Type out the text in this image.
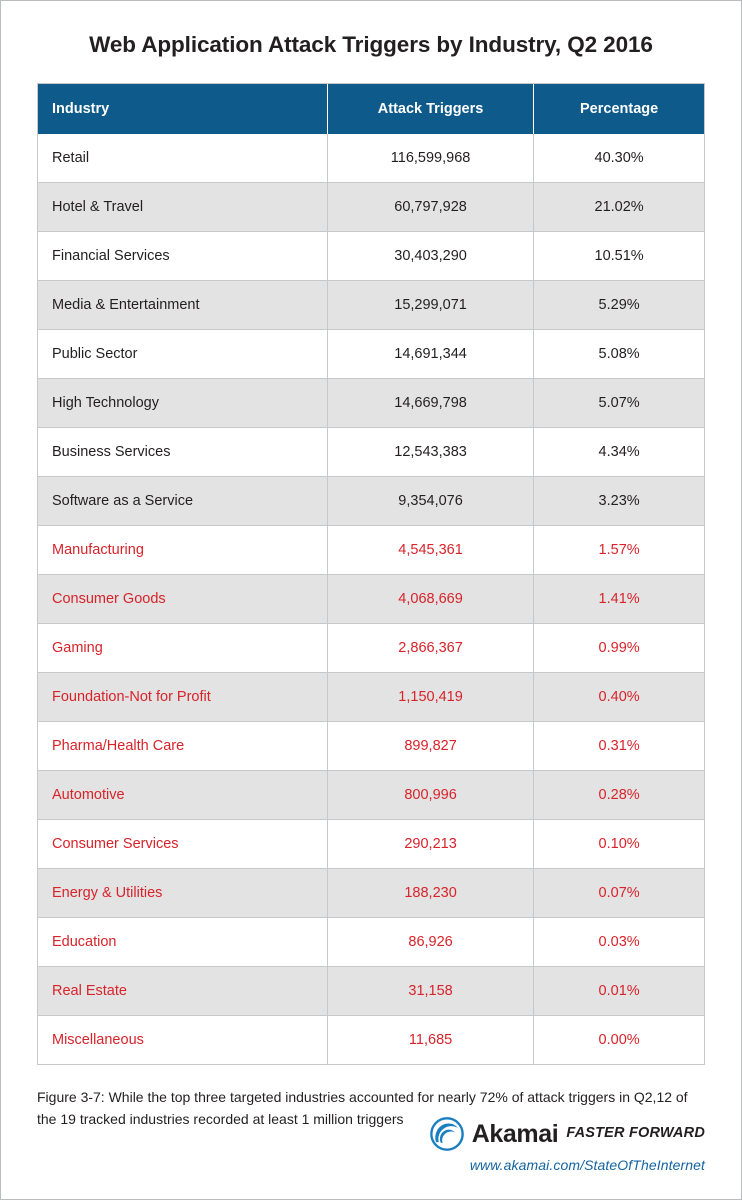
Web Application Attack Triggers by Industry, Q2 2016
Industry	Attack Triggers	Percentage
Retail	116,599,968	40.30%
Hotel & Travel	60,797,928	21.02%
Financial Services	30,403,290	10.51%
Media & Entertainment	15,299,071	5.29%
Public Sector	14,691,344	5.08%
High Technology	14,669,798	5.07%
Business Services	12,543,383	4.34%
Software as a Service	9,354,076	3.23%
Manufacturing	4,545,361	1.57%
Consumer Goods	4,068,669	1.41%
Gaming	2,866,367	0.99%
Foundation-Not for Profit	1,150,419	0.40%
Pharma/Health Care	899,827	0.31%
Automotive	800,996	0.28%
Consumer Services	290,213	0.10%
Energy & Utilities	188,230	0.07%
Education	86,926	0.03%
Real Estate	31,158	0.01%
Miscellaneous	11,685	0.00%
Figure 3-7: While the top three targeted industries accounted for nearly 72% of attack triggers in Q2,12 of the 19 tracked industries recorded at least 1 million triggers
Akamai FASTER FORWARD
www.akamai.com/StateOfTheInternet
